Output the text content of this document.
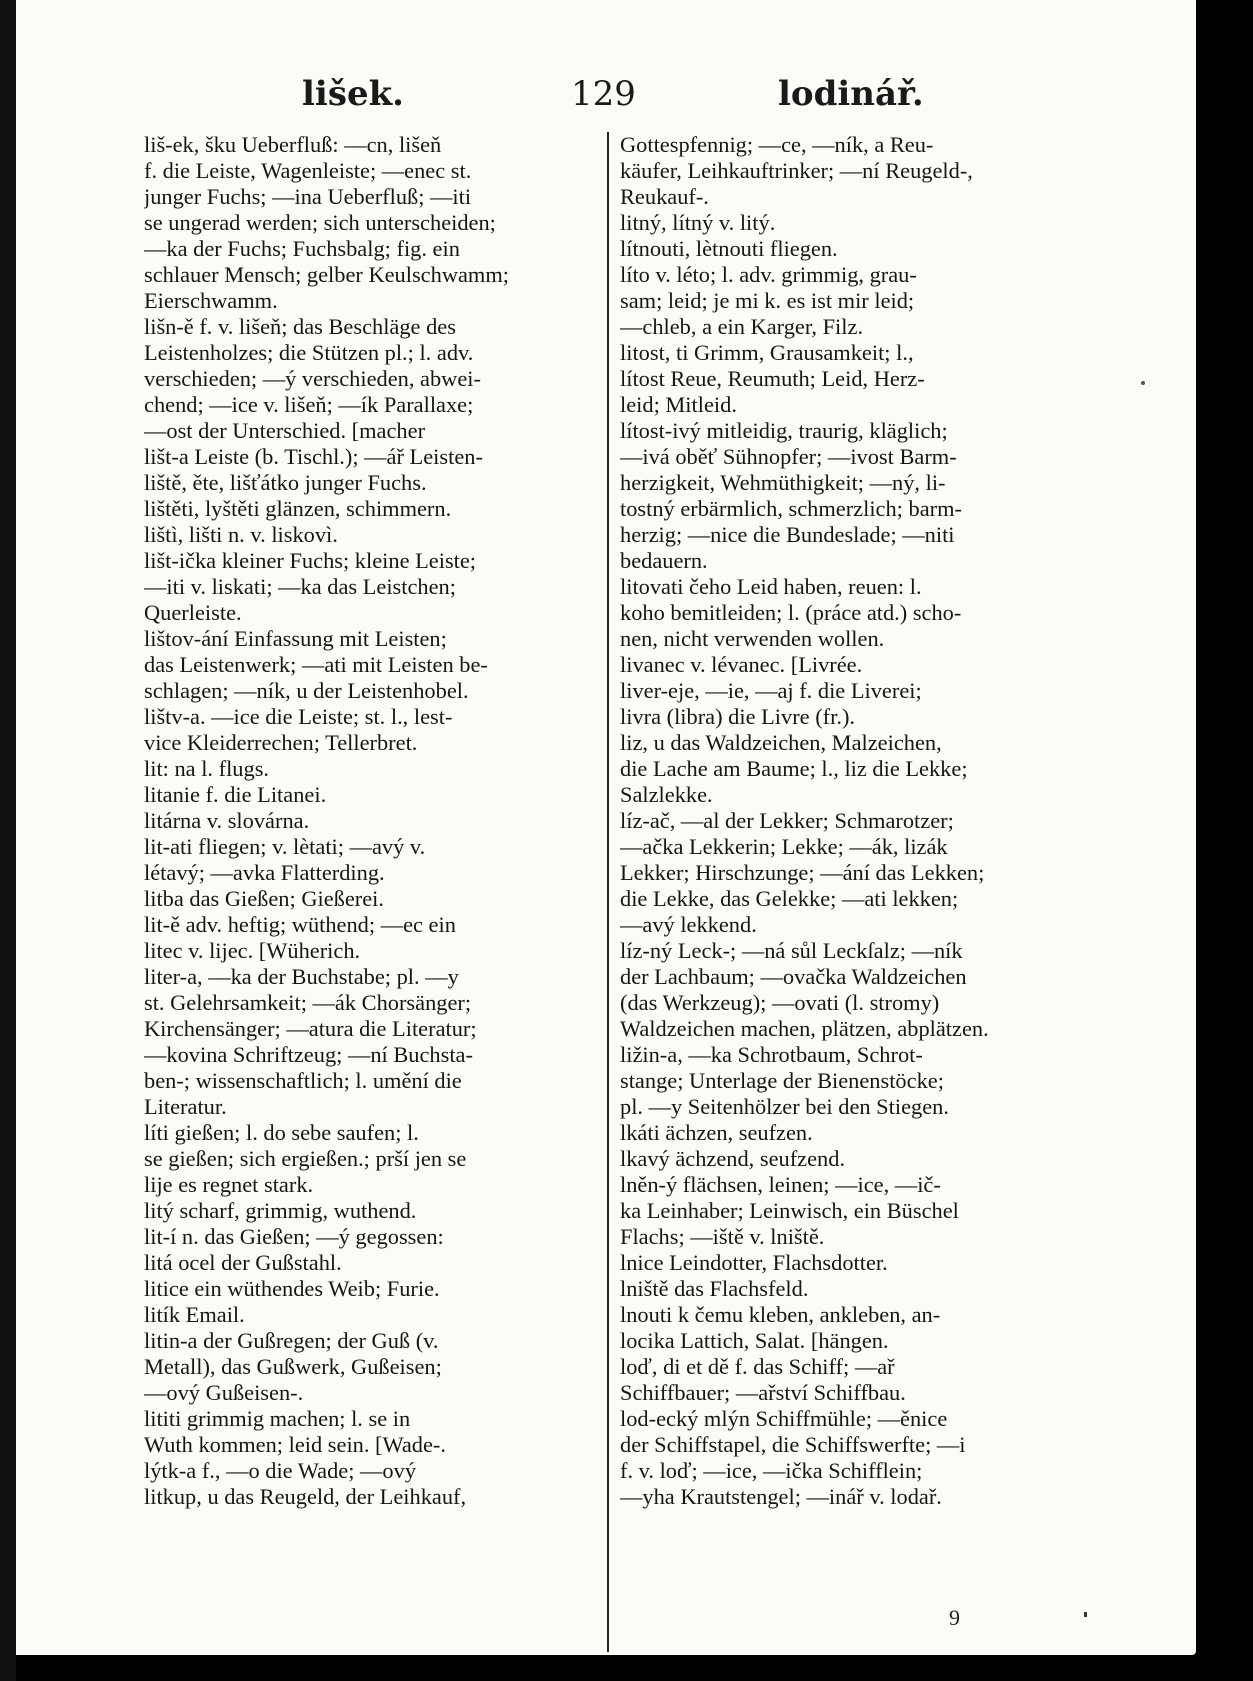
lišek.	129	lodinář.
liš-ek, šku Ueberfluß: —cn, lišeň
f. die Leiste, Wagenleiste; —enec st.
junger Fuchs; —ina Ueberfluß; —iti
se ungerad werden; sich unterscheiden;
—ka der Fuchs; Fuchsbalg; fig. ein
schlauer Mensch; gelber Keulschwamm;
Eierschwamm.
lišn-ě f. v. lišeň; das Beschläge des
Leistenholzes; die Stützen pl.; l. adv.
verschieden; —ý verschieden, abwei-
chend; —ice v. lišeň; —ík Parallaxe;
—ost der Unterschied. [macher
lišt-a Leiste (b. Tischl.); —ář Leisten-
liště, ěte, lišťátko junger Fuchs.
lištěti, lyštěti glänzen, schimmern.
lištì, lišti n. v. liskovì.
lišt-ička kleiner Fuchs; kleine Leiste;
—iti v. liskati; —ka das Leistchen;
Querleiste.
lištov-ání Einfassung mit Leisten;
das Leistenwerk; —ati mit Leisten be-
schlagen; —ník, u der Leistenhobel.
lištv-a. —ice die Leiste; st. l., lest-
vice Kleiderrechen; Tellerbret.
lit: na l. flugs.
litanie f. die Litanei.
litárna v. slovárna.
lit-ati fliegen; v. lètati; —avý v.
létavý; —avka Flatterding.
litba das Gießen; Gießerei.
lit-ě adv. heftig; wüthend; —ec ein
litec v. lijec. [Wüherich.
liter-a, —ka der Buchstabe; pl. —y
st. Gelehrsamkeit; —ák Chorsänger;
Kirchensänger; —atura die Literatur;
—kovina Schriftzeug; —ní Buchsta-
ben-; wissenschaftlich; l. umění die
Literatur.
líti gießen; l. do sebe saufen; l.
se gießen; sich ergießen.; prší jen se
lije es regnet stark.
litý scharf, grimmig, wuthend.
lit-í n. das Gießen; —ý gegossen:
litá ocel der Gußstahl.
litice ein wüthendes Weib; Furie.
litík Email.
litin-a der Gußregen; der Guß (v.
Metall), das Gußwerk, Gußeisen;
—ový Gußeisen-.
lititi grimmig machen; l. se in
Wuth kommen; leid sein. [Wade-.
lýtk-a f., —o die Wade; —ový
litkup, u das Reugeld, der Leihkauf,
Gottespfennig; —ce, —ník, a Reu-
käufer, Leihkauftrinker; —ní Reugeld-,
Reukauf-.
litný, lítný v. litý.
lítnouti, lètnouti fliegen.
líto v. léto; l. adv. grimmig, grau-
sam; leid; je mi k. es ist mir leid;
—chleb, a ein Karger, Filz.
litost, ti Grimm, Grausamkeit; l.,
lítost Reue, Reumuth; Leid, Herz-
leid; Mitleid.
lítost-ivý mitleidig, traurig, kläglich;
—ivá oběť Sühnopfer; —ivost Barm-
herzigkeit, Wehmüthigkeit; —ný, li-
tostný erbärmlich, schmerzlich; barm-
herzig; —nice die Bundeslade; —niti
bedauern.
litovati čeho Leid haben, reuen: l.
koho bemitleiden; l. (práce atd.) scho-
nen, nicht verwenden wollen.
livanec v. lévanec. [Livrée.
liver-eje, —ie, —aj f. die Liverei;
livra (libra) die Livre (fr.).
liz, u das Waldzeichen, Malzeichen,
die Lache am Baume; l., liz die Lekke;
Salzlekke.
líz-ač, —al der Lekker; Schmarotzer;
—ačka Lekkerin; Lekke; —ák, lizák
Lekker; Hirschzunge; —ání das Lekken;
die Lekke, das Gelekke; —ati lekken;
—avý lekkend.
líz-ný Leck-; —ná sůl Leckſalz; —ník
der Lachbaum; —ovačka Waldzeichen
(das Werkzeug); —ovati (l. stromy)
Waldzeichen machen, plätzen, abplätzen.
ližin-a, —ka Schrotbaum, Schrot-
stange; Unterlage der Bienenstöcke;
pl. —y Seitenhölzer bei den Stiegen.
lkáti ächzen, seufzen.
lkavý ächzend, seufzend.
lněn-ý flächsen, leinen; —ice, —ič-
ka Leinhaber; Leinwisch, ein Büschel
Flachs; —iště v. lniště.
lnice Leindotter, Flachsdotter.
lniště das Flachsfeld.
lnouti k čemu kleben, ankleben, an-
locika Lattich, Salat. [hängen.
loď, di et dě f. das Schiff; —ař
Schiffbauer; —ařství Schiffbau.
lod-ecký mlýn Schiffmühle; —ěnice
der Schiffstapel, die Schiffswerfte; —i
f. v. loď; —ice, —ička Schifflein;
—yha Krautstengel; —inář v. lodař.
9
